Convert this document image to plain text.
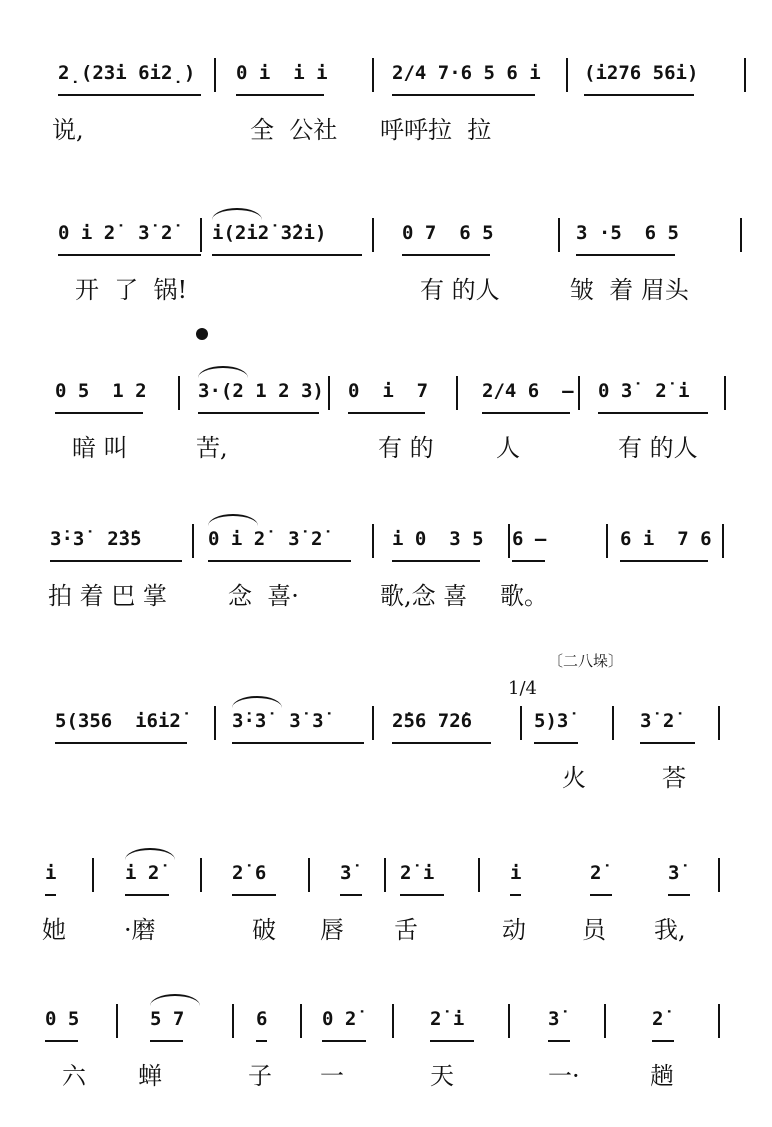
2̣(23̇i 6i2̣) 0 i  i i	2/4 7·6 5 6 i (i276 56i)
说,	全  公社 呼呼拉  拉
0 i 2̇  3̇ 2̇ i(2̇i2̇ 3̇2̇i)	0 7  6 5	3 ·5  6 5
开  了  锅!	有 的人	皱  着 眉头
0 5  1 2	3·(2 1 2 3) 0  i  7	2/4 6  — 0 3̇  2̇ i
暗 叫	苦,	有 的	人	有 的人
3̇·3̇  2̇3̇5	0 i 2̇  3̇ 2̇	i 0  3 5 6 —	6 i  7 6
拍 着 巴 掌	念  喜·	歌,念 喜 歌。
5(356  i6i2̇	3̇·3̇  3̇ 3̇	2̇56 72̇6	5)3̇	3̇ 2̇
火	荅
i	i 2̇	2̇ 6	3̇	2̇ i	i	2̇	3̇
她 ·磨	破 唇 舌	动 员 我,
0 5	5 7	6	0 2̇	2̇ i	3̇	2̇
六 蝉	子 一	天	一·	趟
〔二八垛〕
1/4
